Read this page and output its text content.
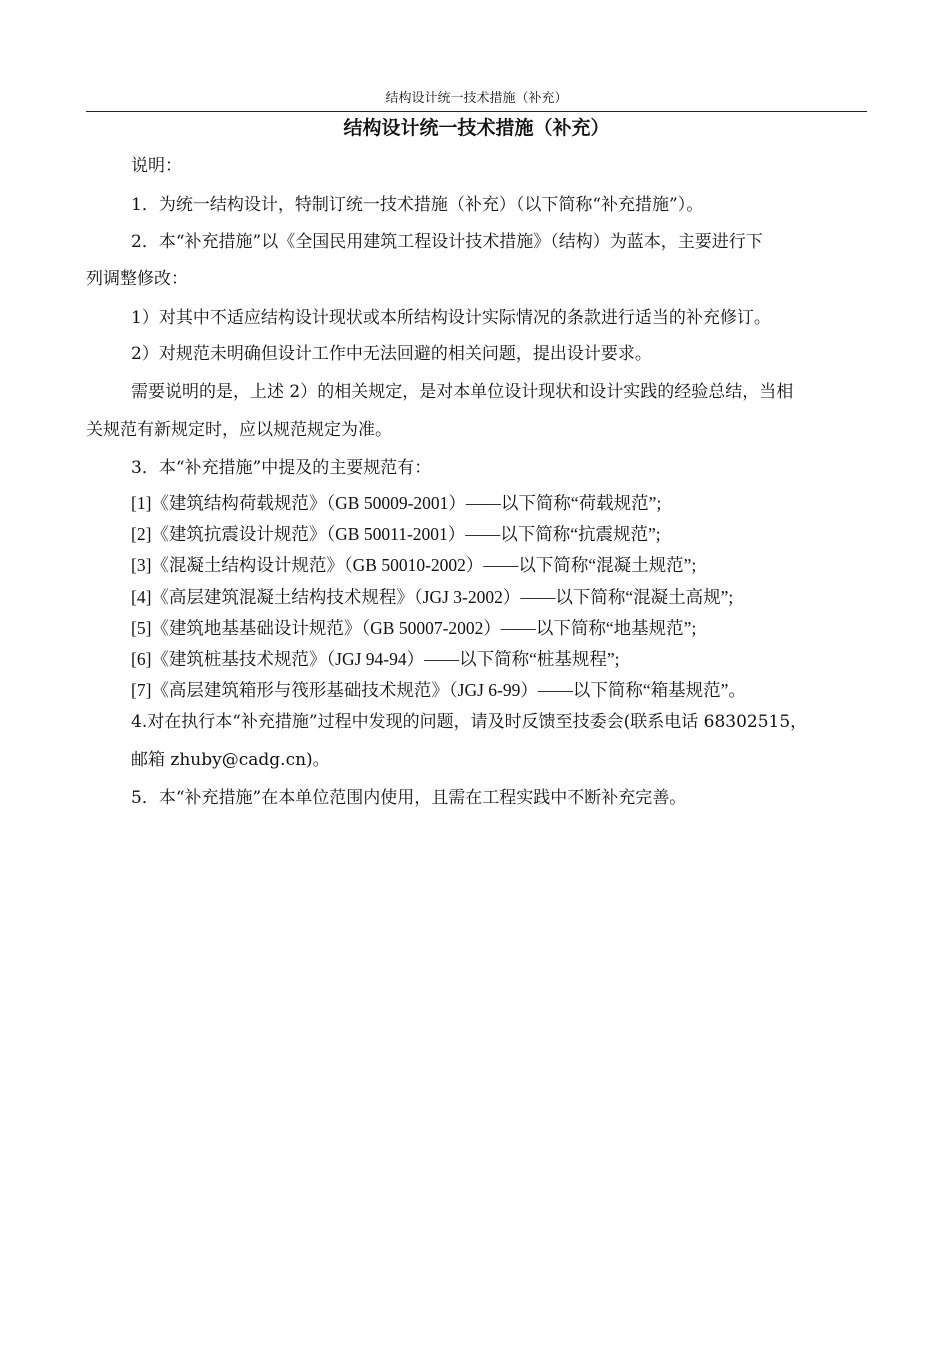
结构设计统一技术措施（补充）
结构设计统一技术措施（补充）
说明：
1．为统一结构设计，特制订统一技术措施（补充）（以下简称“补充措施”）。
2．本“补充措施”以《全国民用建筑工程设计技术措施》（结构）为蓝本，主要进行下
列调整修改：
1）对其中不适应结构设计现状或本所结构设计实际情况的条款进行适当的补充修订。
2）对规范未明确但设计工作中无法回避的相关问题，提出设计要求。
需要说明的是，上述 2）的相关规定，是对本单位设计现状和设计实践的经验总结，当相
关规范有新规定时，应以规范规定为准。
3．本“补充措施”中提及的主要规范有：
[1]《建筑结构荷载规范》（GB 50009-2001）——以下简称“荷载规范”;
[2]《建筑抗震设计规范》（GB 50011-2001）——以下简称“抗震规范”;
[3]《混凝土结构设计规范》（GB 50010-2002）——以下简称“混凝土规范”;
[4]《高层建筑混凝土结构技术规程》（JGJ 3-2002）——以下简称“混凝土高规”;
[5]《建筑地基基础设计规范》（GB 50007-2002）——以下简称“地基规范”;
[6]《建筑桩基技术规范》（JGJ 94-94）——以下简称“桩基规程”;
[7]《高层建筑箱形与筏形基础技术规范》（JGJ 6-99）——以下简称“箱基规范”。
4.对在执行本“补充措施”过程中发现的问题，请及时反馈至技委会(联系电话 68302515，
邮箱 zhuby@cadg.cn)。
5．本“补充措施”在本单位范围内使用，且需在工程实践中不断补充完善。
